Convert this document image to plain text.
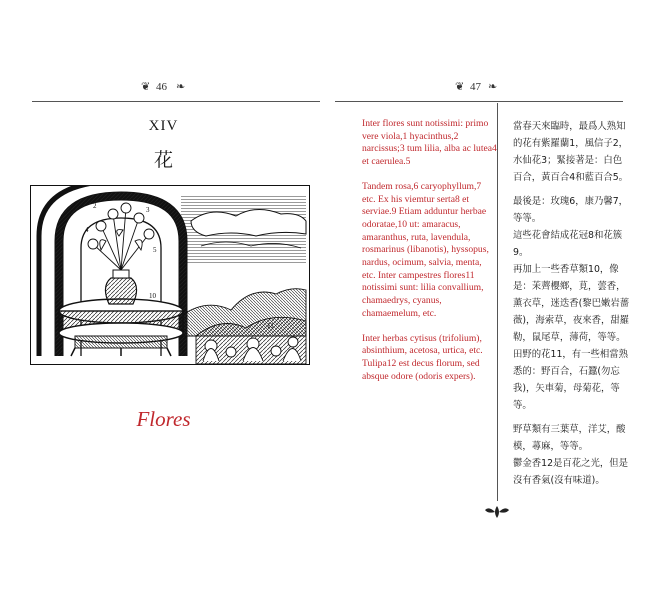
❦ 46 ❧
XIV
花
2	3
4
5
10
11
Flores
❦ 47 ❧

Inter flores sunt notissimi: primo vere viola,1 hyacinthus,2 narcissus;3 tum lilia, alba ac lutea4 et caerulea.5

Tandem rosa,6 caryophyllum,7 etc. Ex his viemtur serta8 et serviae.9 Etiam adduntur herbae odoratae,10 ut: amaracus, amaranthus, ruta, lavendula, rosmarinus (libanotis), hyssopus, nardus, ocimum, salvia, menta, etc. Inter campestres flores11 notissimi sunt: lilia convallium, chamaedrys, cyanus, chamaemelum, etc.

Inter herbas cytisus (trifolium), absinthium, acetosa, urtica, etc. Tulipa12 est decus florum, sed absque odore (odoris expers).

當春天來臨時，最爲人熟知的花有紫羅蘭1，風信子2，水仙花3；緊接著是：白色百合，黃百合4和藍百合5。

最後是：玫瑰6，康乃馨7，等等。

這些花會結成花冠8和花簇9。

再加上一些香草類10，像是：茉薺櫻鄉，莧，蕓香，薰衣草，迷迭香(黎巴嫩岩薔薇)，海索草，夜來香，甜羅勒，鼠尾草，薄荷，等等。

田野的花11，有一些相當熟悉的：野百合，石蠶(勿忘我)，矢車菊，母菊花，等等。

野草類有三葉草，洋艾，酸模，蕁麻，等等。

鬱金香12是百花之光，但是沒有香氣(沒有味道)。
